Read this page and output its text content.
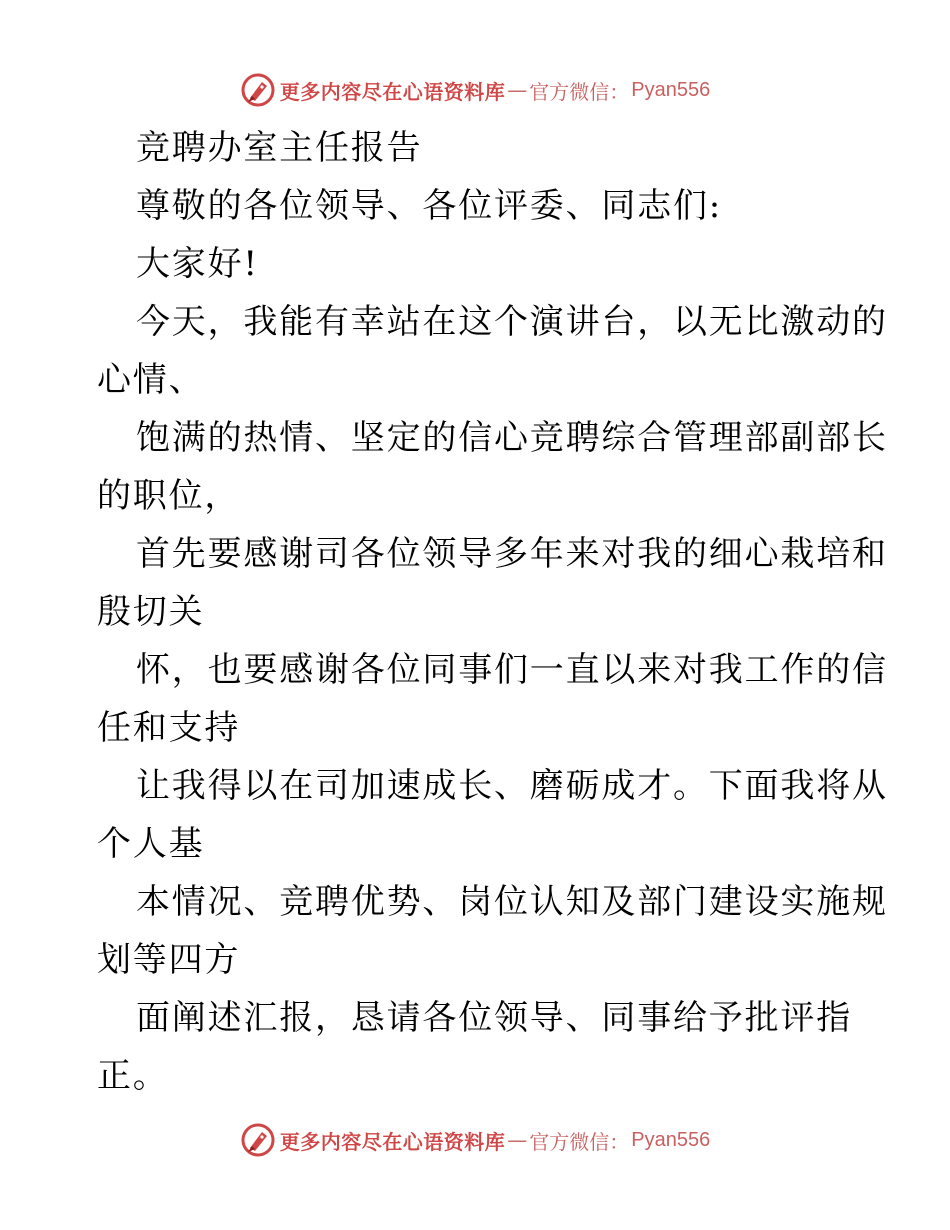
更多内容尽在心语资料库 — 官方微信： Pyan556
竞聘办室主任报告
尊敬的各位领导、各位评委、同志们:
大家好!
今天，我能有幸站在这个演讲台，以无比激动的
心情、
饱满的热情、坚定的信心竞聘综合管理部副部长
的职位，
首先要感谢司各位领导多年来对我的细心栽培和
殷切关
怀，也要感谢各位同事们一直以来对我工作的信
任和支持
让我得以在司加速成长、磨砺成才。下面我将从
个人基
本情况、竞聘优势、岗位认知及部门建设实施规
划等四方
面阐述汇报，恳请各位领导、同事给予批评指
正。
更多内容尽在心语资料库 — 官方微信： Pyan556
